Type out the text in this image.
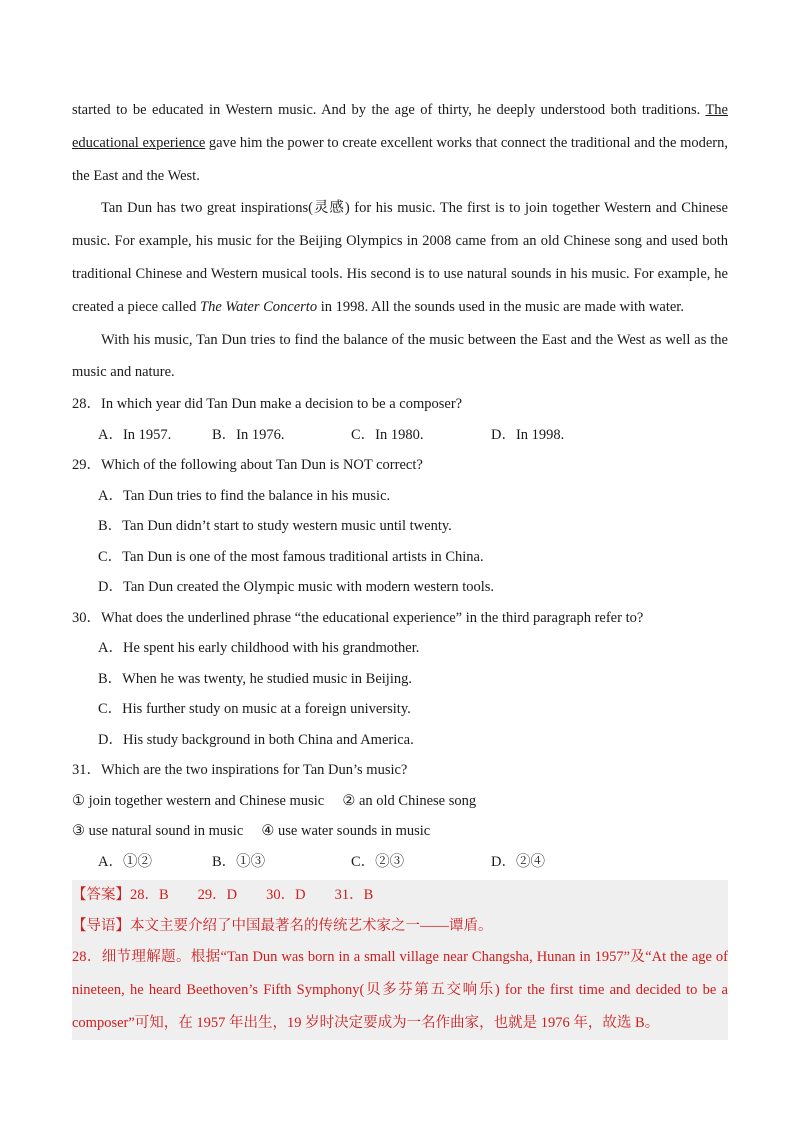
started to be educated in Western music. And by the age of thirty, he deeply understood both traditions. The educational experience gave him the power to create excellent works that connect the traditional and the modern, the East and the West.

Tan Dun has two great inspirations(灵感) for his music. The first is to join together Western and Chinese music. For example, his music for the Beijing Olympics in 2008 came from an old Chinese song and used both traditional Chinese and Western musical tools. His second is to use natural sounds in his music. For example, he created a piece called The Water Concerto in 1998. All the sounds used in the music are made with water.

With his music, Tan Dun tries to find the balance of the music between the East and the West as well as the music and nature.

28．In which year did Tan Dun make a decision to be a composer?
A．In 1957.	B．In 1976.	C．In 1980.	D．In 1998.
29．Which of the following about Tan Dun is NOT correct?
A．Tan Dun tries to find the balance in his music.
B．Tan Dun didn’t start to study western music until twenty.
C．Tan Dun is one of the most famous traditional artists in China.
D．Tan Dun created the Olympic music with modern western tools.
30．What does the underlined phrase “the educational experience” in the third paragraph refer to?
A．He spent his early childhood with his grandmother.
B．When he was twenty, he studied music in Beijing.
C．His further study on music at a foreign university.
D．His study background in both China and America.
31．Which are the two inspirations for Tan Dun’s music?
① join together western and Chinese music　 ② an old Chinese song
③ use natural sound in music　 ④ use water sounds in music
A．①②	B．①③	C．②③	D．②④
【答案】28．B　　29．D　　30．D　　31．B
【导语】本文主要介绍了中国最著名的传统艺术家之一——谭盾。
28．细节理解题。根据“Tan Dun was born in a small village near Changsha, Hunan in 1957”及“At the age of nineteen, he heard Beethoven’s Fifth Symphony(贝多芬第五交响乐) for the first time and decided to be a composer”可知，在 1957 年出生，19 岁时决定要成为一名作曲家，也就是 1976 年，故选 B。
